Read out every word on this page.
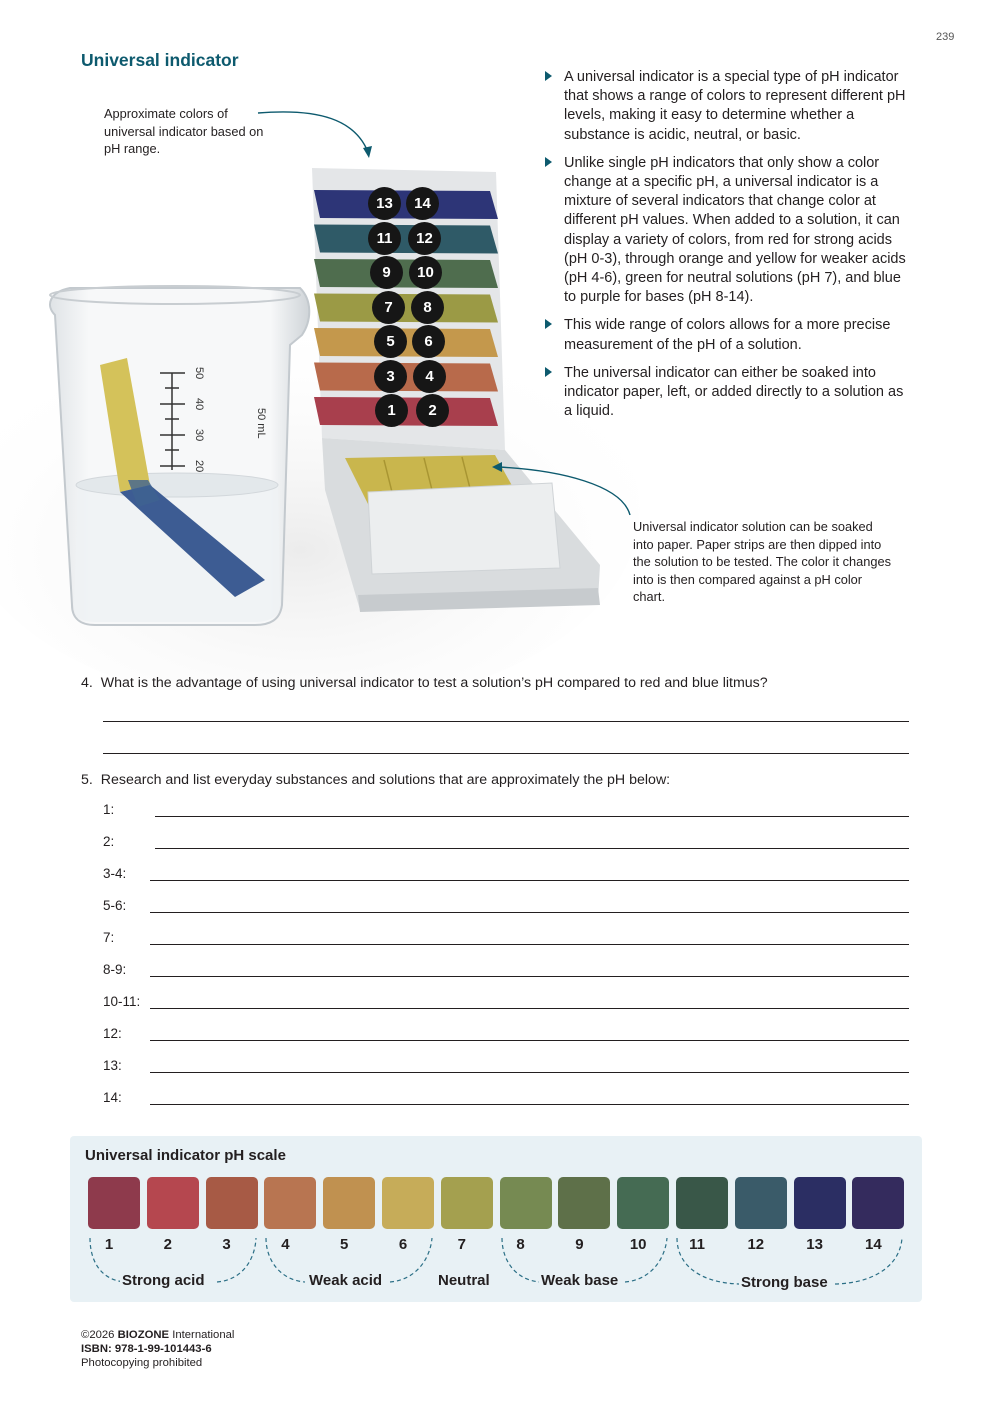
239
Universal indicator
Approximate colors of universal indicator based on pH range.
50
40
30
20
50 mL
13	14
11	12
9	10
7	8
5	6
3	4
1	2
Universal indicator solution can be soaked into paper. Paper strips are then dipped into the solution to be tested. The color it changes into is then compared against a pH color chart.
A universal indicator is a special type of pH indicator that shows a range of colors to represent different pH levels, making it easy to determine whether a substance is acidic, neutral, or basic.
Unlike single pH indicators that only show a color change at a specific pH, a universal indicator is a mixture of several indicators that change color at different pH values. When added to a solution, it can display a variety of colors, from red for strong acids (pH 0-3), through orange and yellow for weaker acids (pH 4-6), green for neutral solutions (pH 7), and blue to purple for bases (pH 8-14).
This wide range of colors allows for a more precise measurement of the pH of a solution.
The universal indicator can either be soaked into indicator paper, left, or added directly to a solution as a liquid.
4. What is the advantage of using universal indicator to test a solution’s pH compared to red and blue litmus?
5. Research and list everyday substances and solutions that are approximately the pH below:
1:
2:
3-4:
5-6:
7:
8-9:
10-11:
12:
13:
14:
Universal indicator pH scale
1	2	3	4	5	6	7	8	9	10	11	12	13	14
Strong acid	Weak acid	Neutral	Weak base	Strong base
©2026 BIOZONE International
ISBN: 978-1-99-101443-6
Photocopying prohibited
